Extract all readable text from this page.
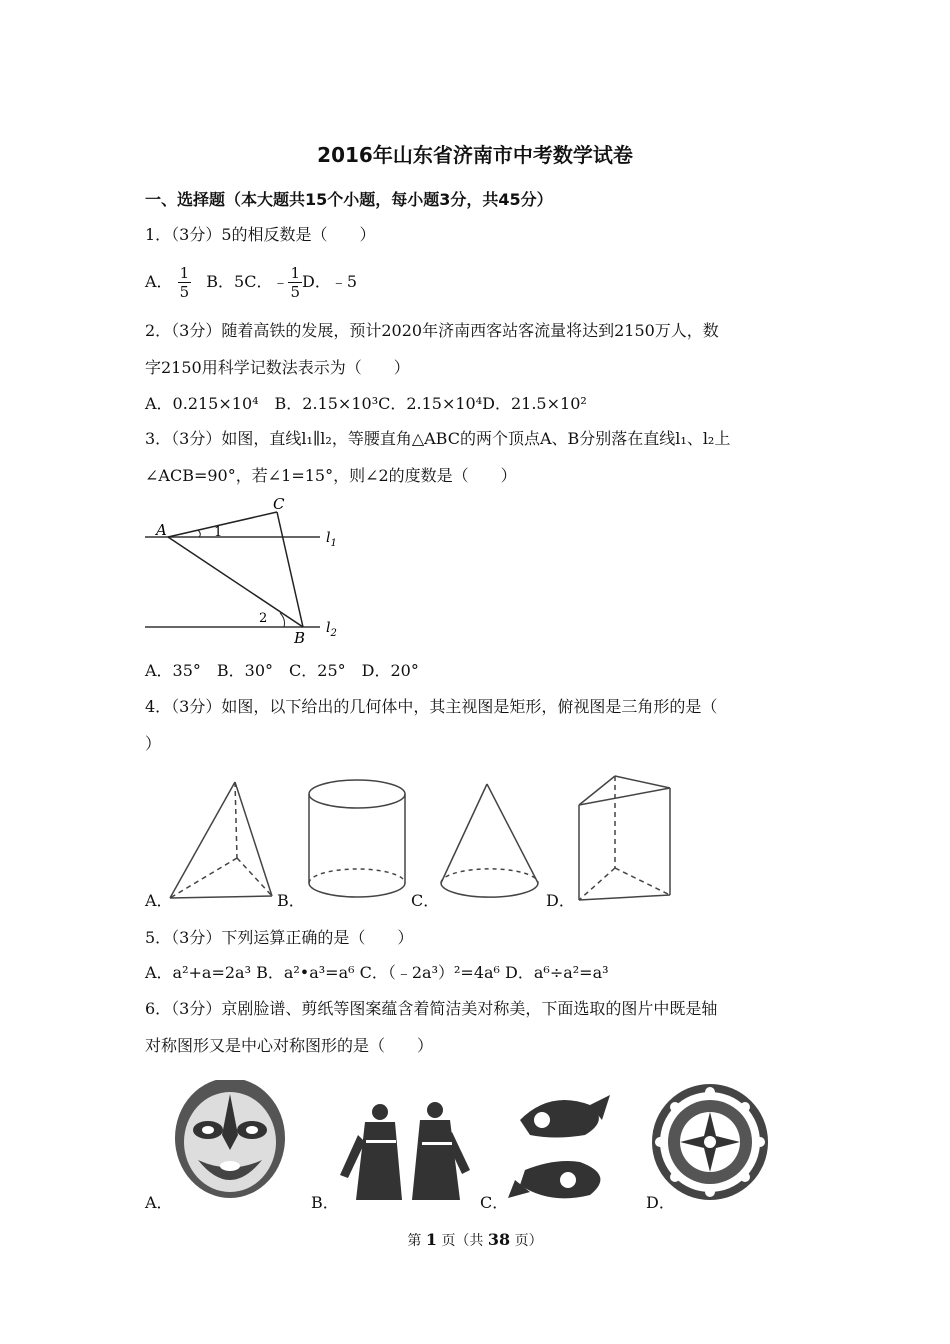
2016年山东省济南市中考数学试卷
一、选择题（本大题共15个小题，每小题3分，共45分）
1．（3分）5的相反数是（　　）
A． $\frac{1}{5}$ B．5C．﹣ $\frac{1}{5}$ D．﹣5
2．（3分）随着高铁的发展，预计2020年济南西客站客流量将达到2150万人，数
字2150用科学记数法表示为（　　）
A．0.215×10⁴　B．2.15×10³C．2.15×10⁴D．21.5×10²
3．（3分）如图，直线l₁∥l₂，等腰直角△ABC的两个顶点A、B分别落在直线l₁、l₂上
∠ACB=90°，若∠1=15°，则∠2的度数是（　　）
A
C
B
1
2
$l_1$
$l_2$
A．35°　B．30°　C．25°　D．20°
4．（3分）如图，以下给出的几何体中，其主视图是矩形，俯视图是三角形的是（
）
A．	B．	C．	D．
5．（3分）下列运算正确的是（　　）
A．a²+a=2a³ B．a²•a³=a⁶ C．（﹣2a³）²=4a⁶ D．a⁶÷a²=a³
6．（3分）京剧脸谱、剪纸等图案蕴含着简洁美对称美，下面选取的图片中既是轴
对称图形又是中心对称图形的是（　　）
A．	B．	C．	D．
第 1 页（共 38 页）
